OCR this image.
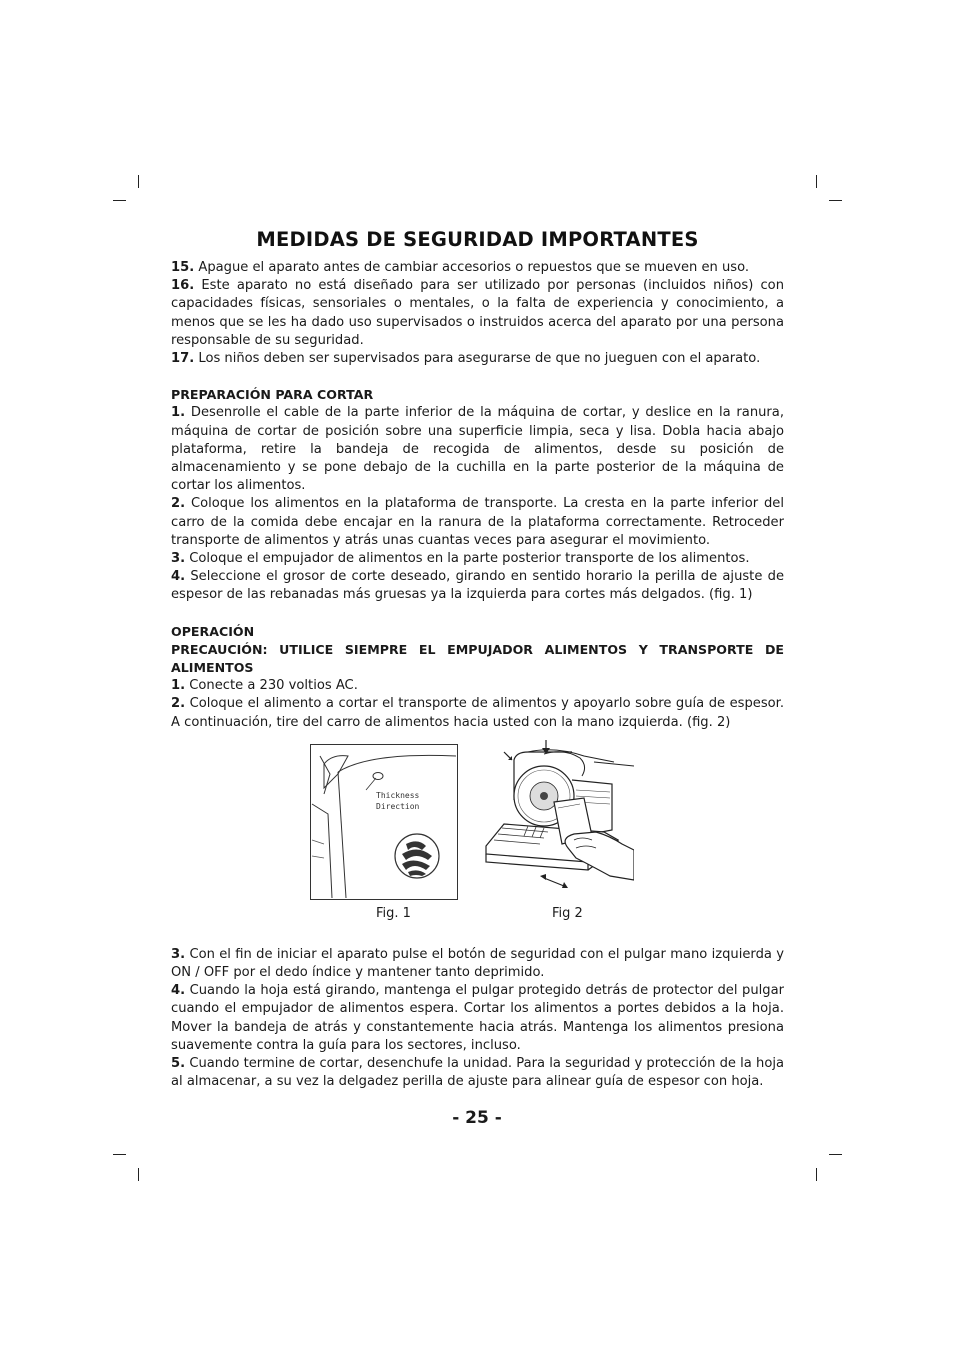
MEDIDAS DE SEGURIDAD IMPORTANTES

15. Apague el aparato antes de cambiar accesorios o repuestos que se mueven en uso.

16. Este aparato no está diseñado para ser utilizado por personas (incluidos niños) con capacidades físicas, sensoriales o mentales, o la falta de experiencia y conocimiento, a menos que se les ha dado uso supervisados o instruidos acerca del aparato por una persona responsable de su seguridad.

17. Los niños deben ser supervisados para asegurarse de que no jueguen con el aparato.

PREPARACIÓN PARA CORTAR

1. Desenrolle el cable de la parte inferior de la máquina de cortar, y deslice en la ranura, máquina de cortar de posición sobre una superficie limpia, seca y lisa. Dobla hacia abajo plataforma, retire la bandeja de recogida de alimentos, desde su posición de almacenamiento y se pone debajo de la cuchilla en la parte posterior de la máquina de cortar los alimentos.

2. Coloque los alimentos en la plataforma de transporte. La cresta en la parte inferior del carro de la comida debe encajar en la ranura de la plataforma correctamente. Retroceder transporte de alimentos y atrás unas cuantas veces para asegurar el movimiento.

3. Coloque el empujador de alimentos en la parte posterior transporte de los alimentos.

4. Seleccione el grosor de corte deseado, girando en sentido horario la perilla de ajuste de espesor de las rebanadas más gruesas ya la izquierda para cortes más delgados. (fig. 1)

OPERACIÓN

PRECAUCIÓN: UTILICE SIEMPRE EL EMPUJADOR ALIMENTOS Y TRANSPORTE DE ALIMENTOS

1. Conecte a 230 voltios AC.

2. Coloque el alimento a cortar el transporte de alimentos y apoyarlo sobre guía de espesor. A continuación, tire del carro de alimentos hacia usted con la mano izquierda. (fig. 2)

Thickness
Direction
Fig. 1	Fig 2

3. Con el fin de iniciar el aparato pulse el botón de seguridad con el pulgar mano izquierda y ON / OFF por el dedo índice y mantener tanto deprimido.

4. Cuando la hoja está girando, mantenga el pulgar protegido detrás de protector del pulgar cuando el empujador de alimentos espera. Cortar los alimentos a portes debidos a la hoja. Mover la bandeja de atrás y constantemente hacia atrás. Mantenga los alimentos presiona suavemente contra la guía para los sectores, incluso.

5. Cuando termine de cortar, desenchufe la unidad. Para la seguridad y protección de la hoja al almacenar, a su vez la delgadez perilla de ajuste para alinear guía de espesor con hoja.

- 25 -
